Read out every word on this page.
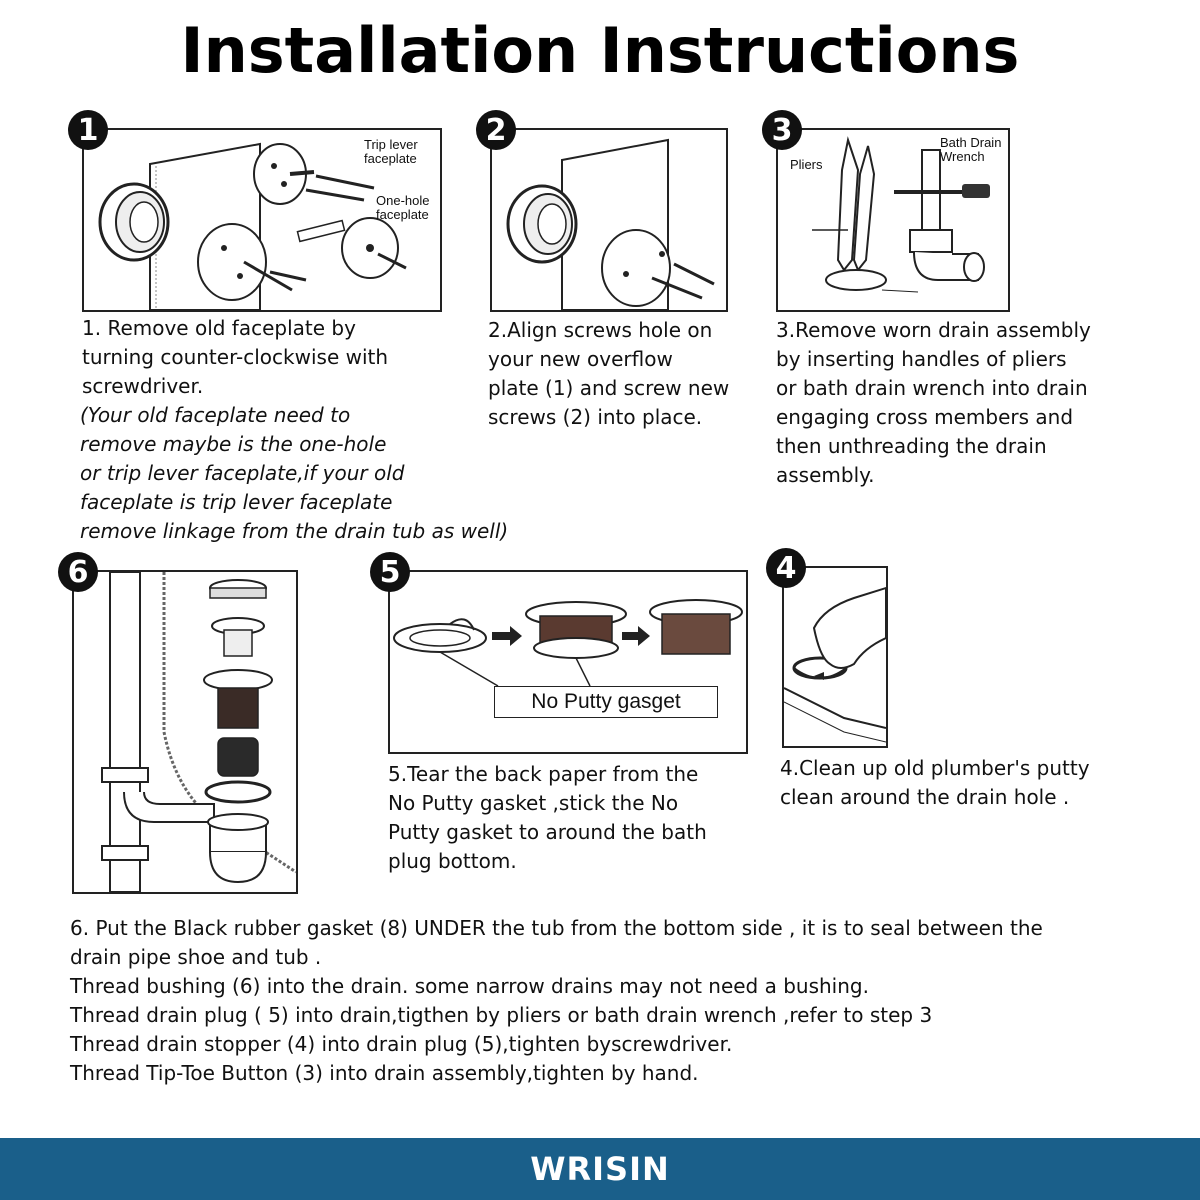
Installation Instructions
Trip lever
faceplate
One-hole
faceplate
1
1. Remove old faceplate by
turning counter-clockwise with
screwdriver.
(Your old faceplate need to
remove maybe is the one-hole
or trip lever faceplate,if your old
faceplate is trip lever faceplate
remove linkage from the drain tub as well)
2
2.Align screws hole on
your new overflow
plate (1) and screw new
screws (2) into place.
Pliers
Bath Drain
Wrench
3
3.Remove worn drain assembly
by inserting handles of pliers
or bath drain wrench into drain
engaging cross members and
then unthreading the drain
assembly.
6
No Putty gasget
5
5.Tear the back paper from the
No Putty gasket ,stick the No
Putty gasket to around the bath
plug bottom.
4
4.Clean up old plumber's putty
clean around the drain hole .
6. Put the Black rubber gasket (8) UNDER the tub from the bottom side , it is to seal between the
drain pipe shoe and tub .
Thread bushing (6) into the drain. some narrow drains may not need a bushing.
Thread drain plug ( 5) into drain,tigthen by pliers or bath drain wrench ,refer to step 3
Thread drain stopper (4) into drain plug (5),tighten byscrewdriver.
Thread Tip-Toe Button (3) into drain assembly,tighten by hand.
WRISIN
